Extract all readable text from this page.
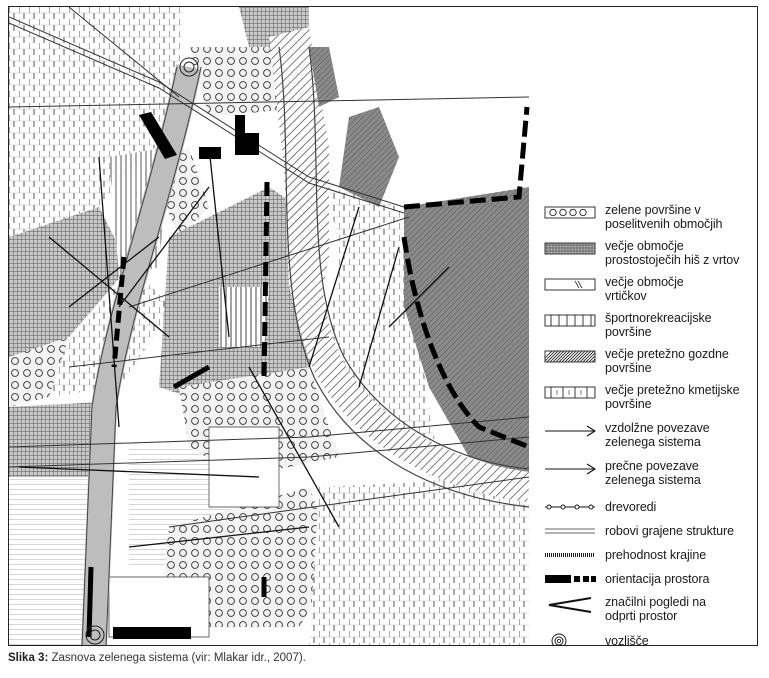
zelene površine v
poselitvenih območjih
večje območje
prostostoječih hiš z vrtov
večje območje
vrtičkov
športnorekreacijske
površine
večje pretežno gozdne
površine
večje pretežno kmetijske
površine
vzdolžne povezave
zelenega sistema
prečne povezave
zelenega sistema
drevoredi
robovi grajene strukture
prehodnost krajine
orientacija prostora
značilni pogledi na
odprti prostor
vozlišče
Slika 3: Zasnova zelenega sistema (vir: Mlakar idr., 2007).
